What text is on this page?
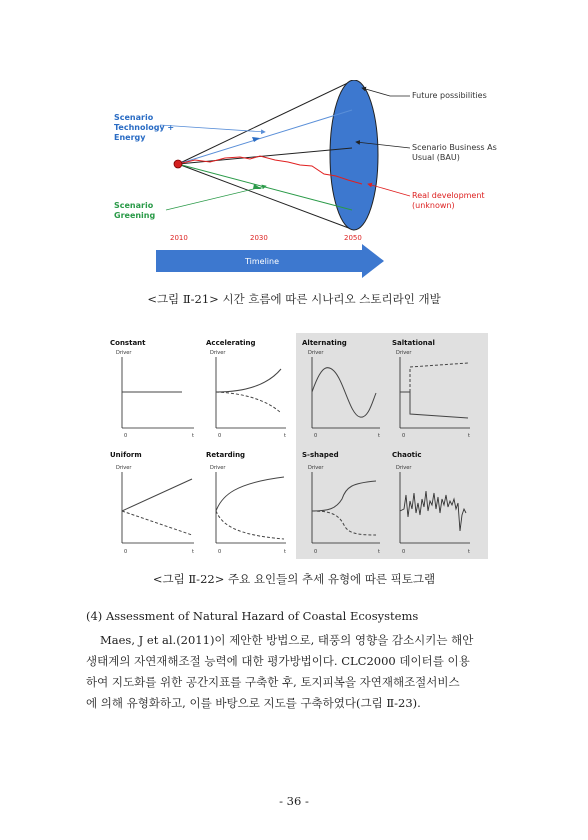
Scenario
Technology +
Energy
Scenario
Greening
Future possibilities
Scenario Business As
Usual (BAU)
Real development
(unknown)
2010	2030	2050
Timeline
<그림 Ⅱ-21> 시간 흐름에 따른 시나리오 스토리라인 개발
Constant
Driver
0	t
Accelerating
Driver
0	t
Alternating
Driver
0	t
Saltational
Driver
0	t
Uniform
Driver
0	t
Retarding
Driver
0	t
S-shaped
Driver
0	t
Chaotic
Driver
0	t
<그림 Ⅱ-22> 주요 요인들의 추세 유형에 따른 픽토그램
(4) Assessment of Natural Hazard of Coastal Ecosystems
Maes, J et al.(2011)이 제안한 방법으로, 태풍의 영향을 감소시키는 해안
생태계의 자연재해조절 능력에 대한 평가방법이다. CLC2000 데이터를 이용
하여 지도화를 위한 공간지표를 구축한 후, 토지피복을 자연재해조절서비스
에 의해 유형화하고, 이를 바탕으로 지도를 구축하였다(그림 Ⅱ-23).
- 36 -
